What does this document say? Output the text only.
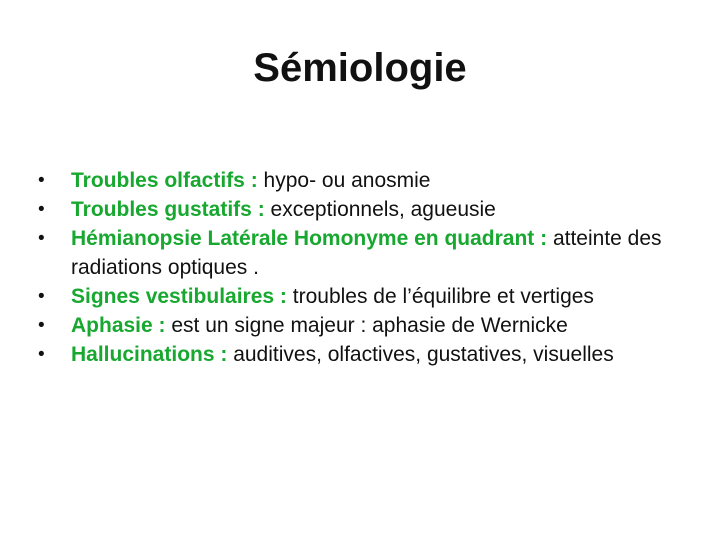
Sémiologie
•	Troubles olfactifs : hypo- ou anosmie
•	Troubles gustatifs : exceptionnels, agueusie
•	Hémianopsie Latérale Homonyme en quadrant : atteinte des radiations optiques .
•	Signes vestibulaires : troubles de l’équilibre et vertiges
•	Aphasie : est un signe majeur : aphasie de Wernicke
•	Hallucinations : auditives, olfactives, gustatives, visuelles
